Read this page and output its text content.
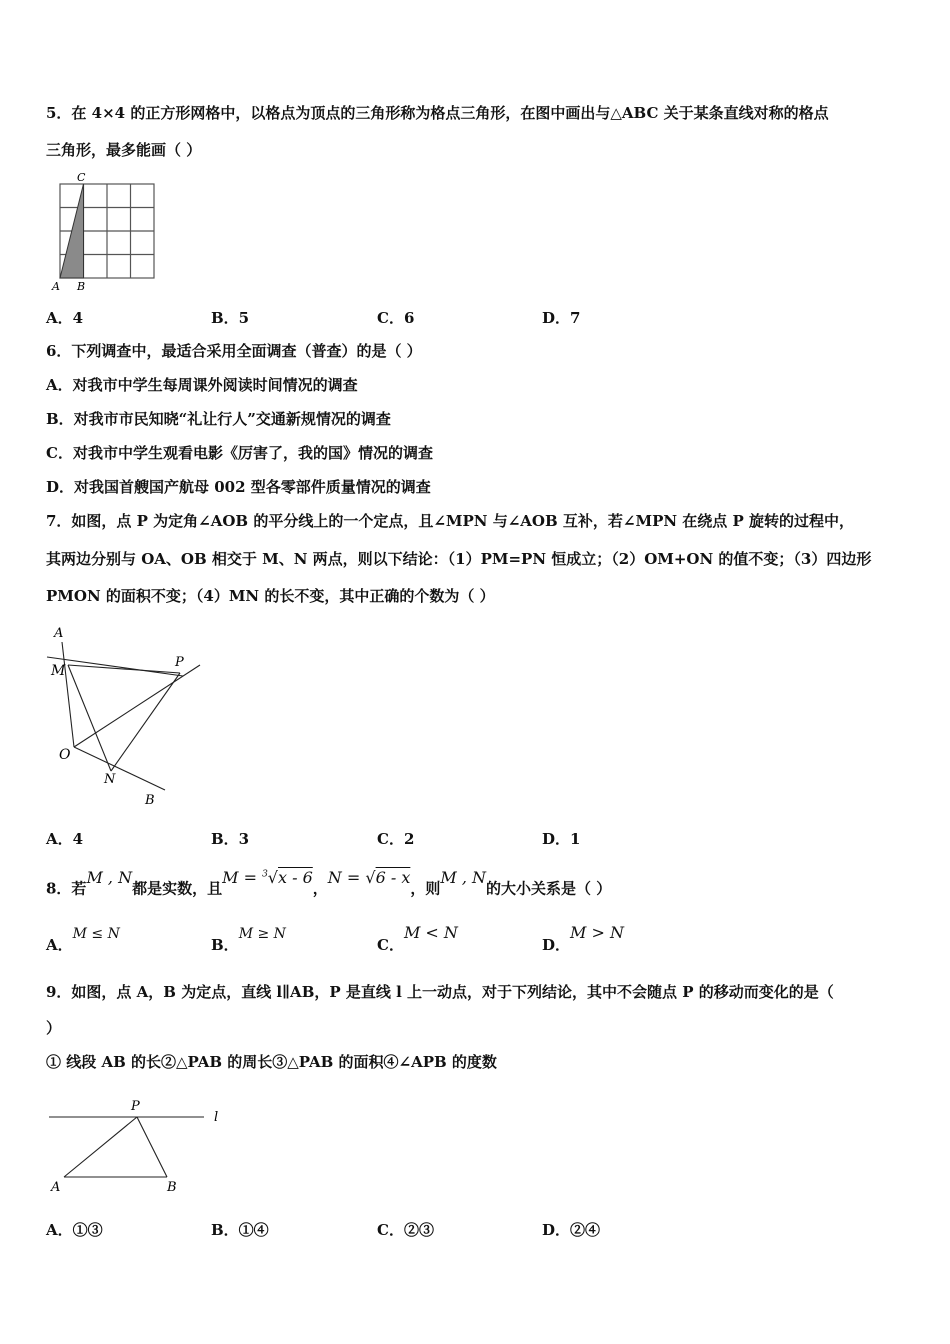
5．在 4×4 的正方形网格中，以格点为顶点的三角形称为格点三角形，在图中画出与△ABC 关于某条直线对称的格点
三角形，最多能画（ ）
C
A B
A．4	B．5	C．6	D．7
6．下列调查中，最适合采用全面调查（普查）的是（ ）
A．对我市中学生每周课外阅读时间情况的调查
B．对我市市民知晓“礼让行人”交通新规情况的调查
C．对我市中学生观看电影《厉害了，我的国》情况的调查
D．对我国首艘国产航母 002 型各零部件质量情况的调查
7．如图，点 P 为定角∠AOB 的平分线上的一个定点，且∠MPN 与∠AOB 互补，若∠MPN 在绕点 P 旋转的过程中，
其两边分别与 OA、OB 相交于 M、N 两点，则以下结论：（1）PM=PN 恒成立；（2）OM+ON 的值不变；（3）四边形
PMON 的面积不变；（4）MN 的长不变，其中正确的个数为（ ）
A
M
P
O
N
B
A．4	B．3	C．2	D．1
8．若M , N都是实数，且M = $^3$√x - 6，N = √6 - x，则M , N的大小关系是（ ）
A．M ≤ N
B．M ≥ N
C．M < N
D．M > N
9．如图，点 A，B 为定点，直线 l∥AB，P 是直线 l 上一动点，对于下列结论，其中不会随点 P 的移动而变化的是（
）
① 线段 AB 的长②△PAB 的周长③△PAB 的面积④∠APB 的度数
P
l
A	B
A．①③	B．①④	C．②③	D．②④
